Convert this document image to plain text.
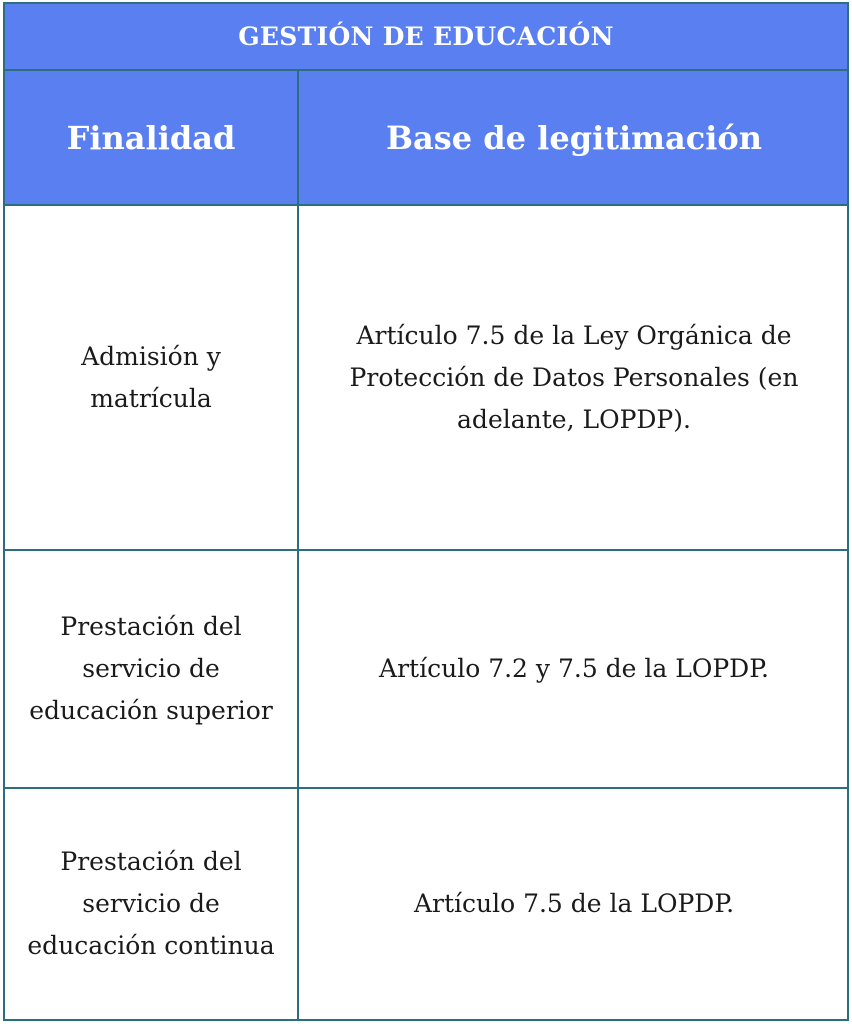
GESTIÓN DE EDUCACIÓN
Finalidad	Base de legitimación
Admisión y matrícula
Artículo 7.5 de la Ley Orgánica de Protección de Datos Personales (en adelante, LOPDP).
Prestación del servicio de educación superior
Artículo 7.2 y 7.5 de la LOPDP.
Prestación del servicio de educación continua
Artículo 7.5 de la LOPDP.
